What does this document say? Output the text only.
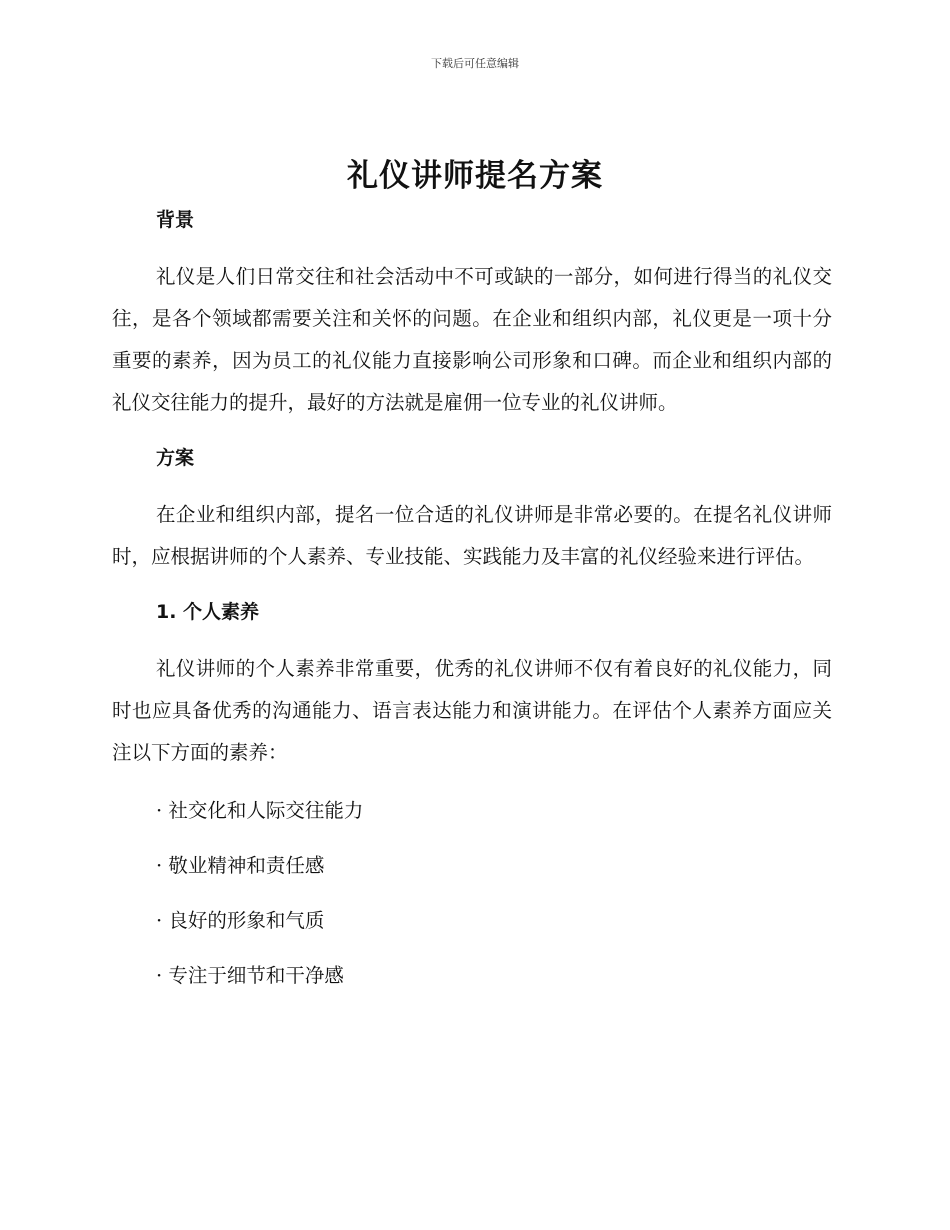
下载后可任意编辑
礼仪讲师提名方案

背景

礼仪是人们日常交往和社会活动中不可或缺的一部分，如何进行得当的礼仪交往，是各个领域都需要关注和关怀的问题。在企业和组织内部，礼仪更是一项十分重要的素养，因为员工的礼仪能力直接影响公司形象和口碑。而企业和组织内部的礼仪交往能力的提升，最好的方法就是雇佣一位专业的礼仪讲师。

方案

在企业和组织内部，提名一位合适的礼仪讲师是非常必要的。在提名礼仪讲师时，应根据讲师的个人素养、专业技能、实践能力及丰富的礼仪经验来进行评估。

1. 个人素养

礼仪讲师的个人素养非常重要，优秀的礼仪讲师不仅有着良好的礼仪能力，同时也应具备优秀的沟通能力、语言表达能力和演讲能力。在评估个人素养方面应关注以下方面的素养：

· 社交化和人际交往能力

· 敬业精神和责任感

· 良好的形象和气质

· 专注于细节和干净感
